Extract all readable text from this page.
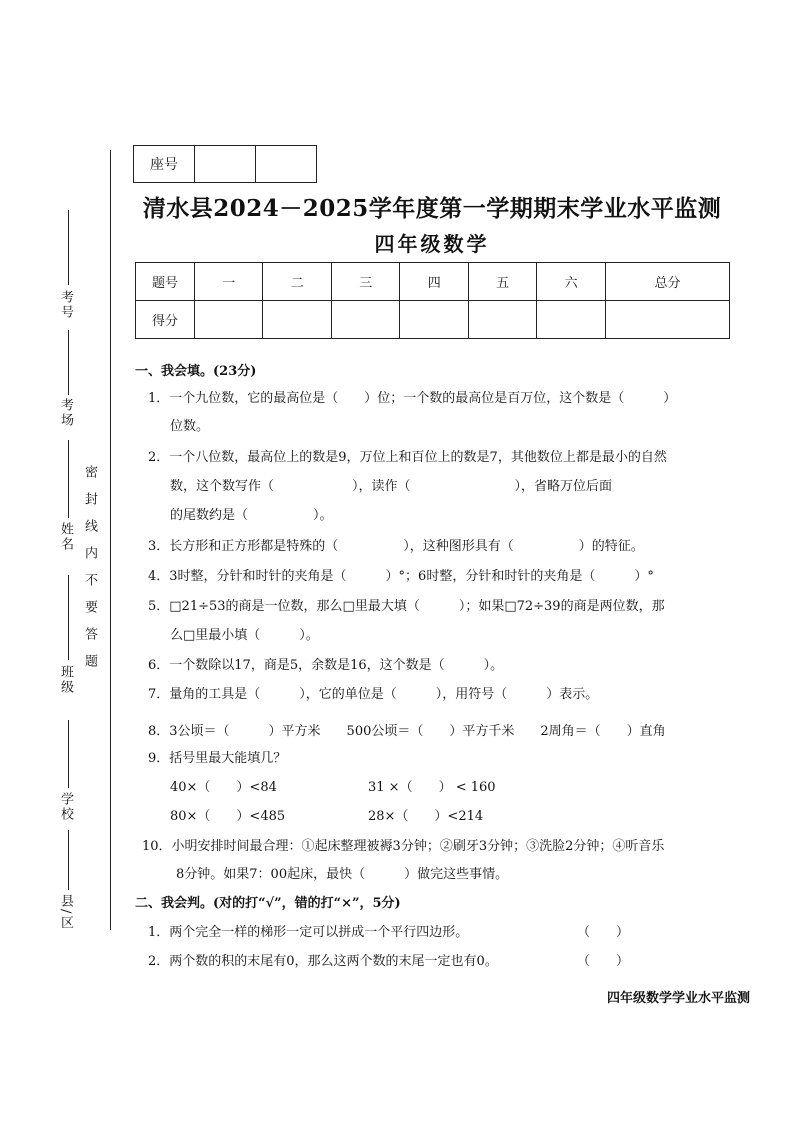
考号
考场
姓名
班级
学校
县/区
密封线内不要答题
座号		
清水县2024－2025学年度第一学期期末学业水平监测
四年级数学
题号	一	二	三	四	五	六	总分
得分							
一、我会填。(23分)
1．一个九位数，它的最高位是（　　）位；一个数的最高位是百万位，这个数是（　　　）
位数。
2．一个八位数，最高位上的数是9，万位上和百位上的数是7，其他数位上都是最小的自然
数，这个数写作（　　　　　　），读作（　　　　　　　　），省略万位后面
的尾数约是（　　　　　）。
3．长方形和正方形都是特殊的（　　　　　），这种图形具有（　　　　　）的特征。
4．3时整，分针和时针的夹角是（　　　）°；6时整，分针和时针的夹角是（　　　）°
5．□21÷53的商是一位数，那么□里最大填（　　　）；如果□72÷39的商是两位数，那
么□里最小填（　　　）。
6．一个数除以17，商是5，余数是16，这个数是（　　　）。
7．量角的工具是（　　　），它的单位是（　　　），用符号（　　　）表示。
8．3公顷＝（　　　）平方米　　500公顷＝（　　）平方千米　　2周角＝（　　）直角
9．括号里最大能填几？
40×（　　）<84	31 ×（　　） < 160
80×（　　）<485	28×（　　）<214
10．小明安排时间最合理：①起床整理被褥3分钟；②刷牙3分钟；③洗脸2分钟；④听音乐
8分钟。如果7：00起床，最快（　　　）做完这些事情。
二、我会判。(对的打“√”，错的打“×”，5分)
1．两个完全一样的梯形一定可以拼成一个平行四边形。	（　　）
2．两个数的积的末尾有0，那么这两个数的末尾一定也有0。	（　　）
四年级数学学业水平监测
